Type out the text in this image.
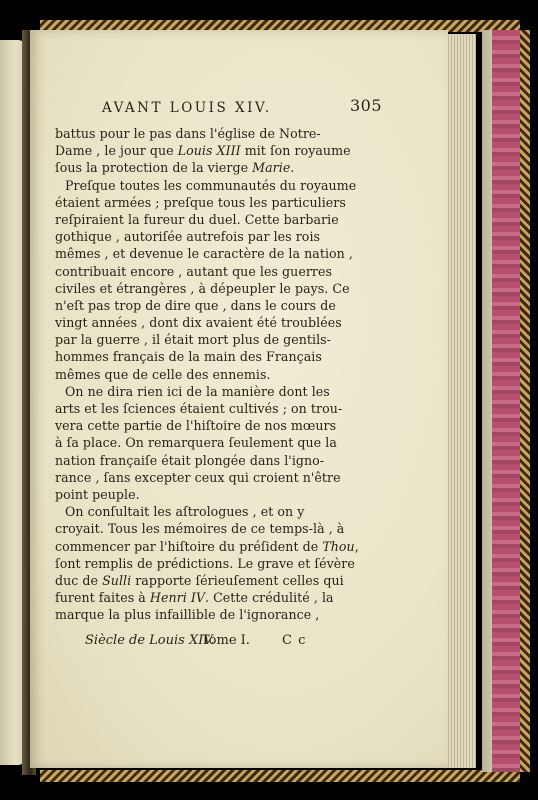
AVANT LOUIS XIV.	305
battus pour le pas dans l'église de Notre-
Dame , le jour que Louis XIII mit ſon royaume
ſous la protection de la vierge Marie.
Preſque toutes les communautés du royaume
étaient armées ; preſque tous les particuliers
reſpiraient la fureur du duel. Cette barbarie
gothique , autoriſée autrefois par les rois
mêmes , et devenue le caractère de la nation ,
contribuait encore , autant que les guerres
civiles et étrangères , à dépeupler le pays. Ce
n'eſt pas trop de dire que , dans le cours de
vingt années , dont dix avaient été troublées
par la guerre , il était mort plus de gentils-
hommes français de la main des Français
mêmes que de celle des ennemis.
On ne dira rien ici de la manière dont les
arts et les ſciences étaient cultivés ; on trou-
vera cette partie de l'hiſtoire de nos mœurs
à ſa place. On remarquera ſeulement que la
nation françaiſe était plongée dans l'igno-
rance , ſans excepter ceux qui croient n'être
point peuple.
On conſultait les aſtrologues , et on y
croyait. Tous les mémoires de ce temps-là , à
commencer par l'hiſtoire du préſident de Thou,
ſont remplis de prédictions. Le grave et ſévère
duc de Sulli rapporte ſérieuſement celles qui
furent faites à Henri IV. Cette crédulité , la
marque la plus infaillible de l'ignorance ,
Siècle de Louis XIV.
Tome I. C c
